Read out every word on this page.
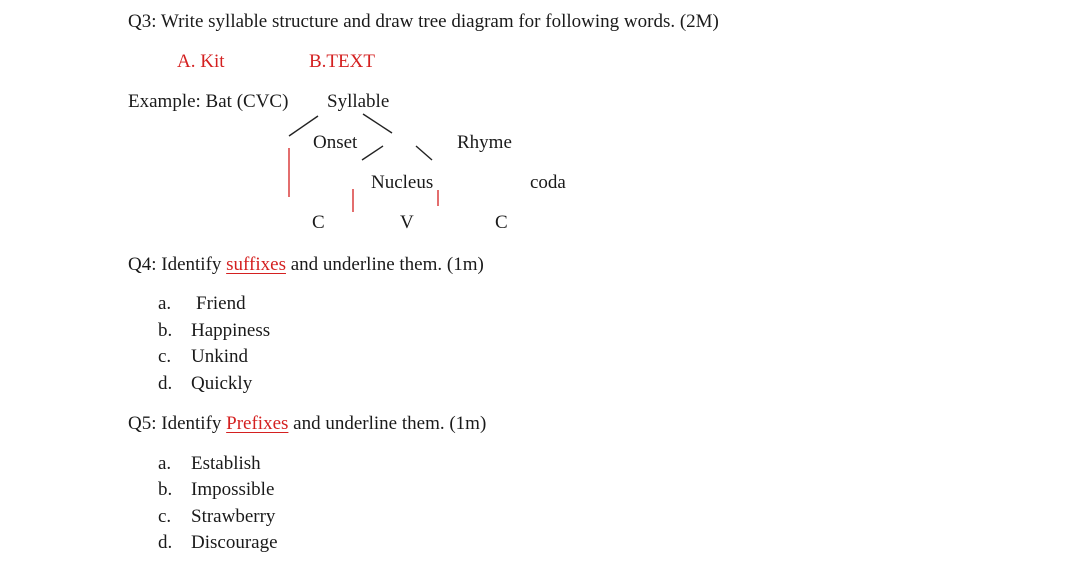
Q3: Write syllable structure and draw tree diagram for following words. (2M)
A. Kit	B.TEXT
Example: Bat (CVC) Syllable
Onset	Rhyme
Nucleus	coda
C	V	C
Q4: Identify suffixes and underline them. (1m)
a. Friend
b. Happiness
c. Unkind
d. Quickly
Q5: Identify Prefixes and underline them. (1m)
a. Establish
b. Impossible
c. Strawberry
d. Discourage
